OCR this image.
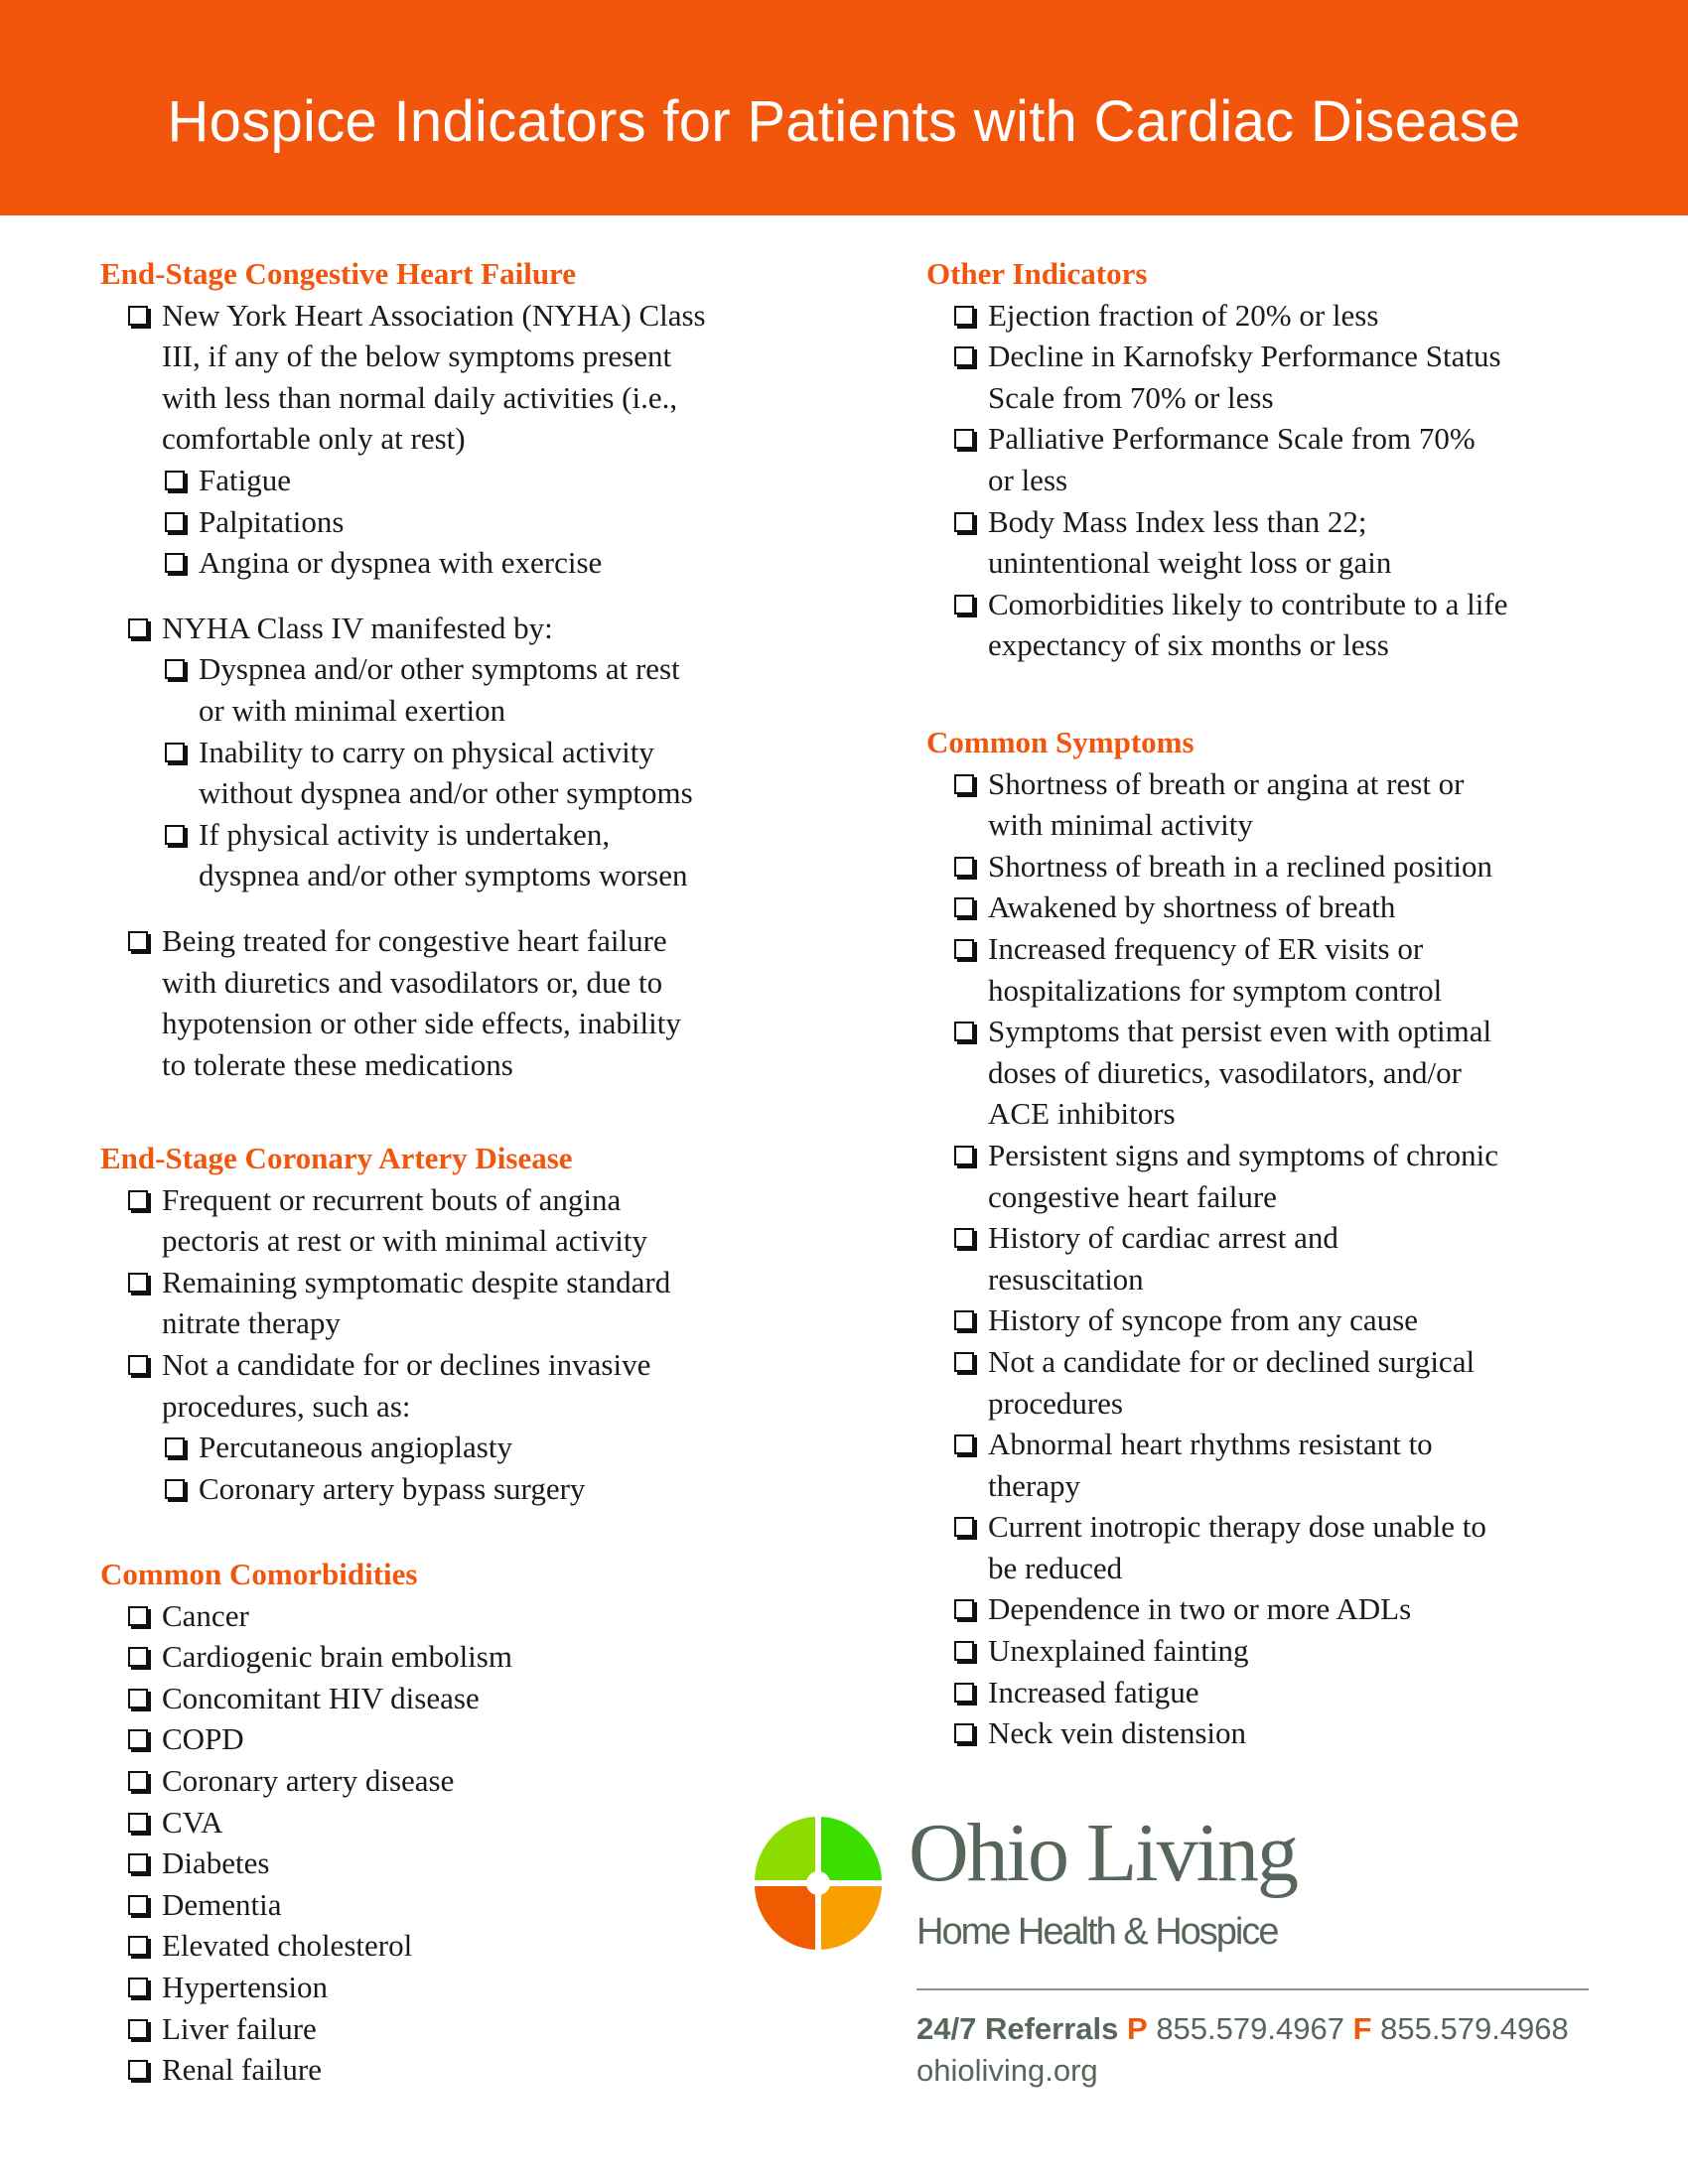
Hospice Indicators for Patients with Cardiac Disease
End-Stage Congestive Heart Failure
New York Heart Association (NYHA) Class
III, if any of the below symptoms present
with less than normal daily activities (i.e.,
comfortable only at rest)
Fatigue
Palpitations
Angina or dyspnea with exercise
NYHA Class IV manifested by:
Dyspnea and/or other symptoms at rest
or with minimal exertion
Inability to carry on physical activity
without dyspnea and/or other symptoms
If physical activity is undertaken,
dyspnea and/or other symptoms worsen
Being treated for congestive heart failure
with diuretics and vasodilators or, due to
hypotension or other side effects, inability
to tolerate these medications
End-Stage Coronary Artery Disease
Frequent or recurrent bouts of angina
pectoris at rest or with minimal activity
Remaining symptomatic despite standard
nitrate therapy
Not a candidate for or declines invasive
procedures, such as:
Percutaneous angioplasty
Coronary artery bypass surgery
Common Comorbidities
Cancer
Cardiogenic brain embolism
Concomitant HIV disease
COPD
Coronary artery disease
CVA
Diabetes
Dementia
Elevated cholesterol
Hypertension
Liver failure
Renal failure
Other Indicators
Ejection fraction of 20% or less
Decline in Karnofsky Performance Status
Scale from 70% or less
Palliative Performance Scale from 70%
or less
Body Mass Index less than 22;
unintentional weight loss or gain
Comorbidities likely to contribute to a life
expectancy of six months or less
Common Symptoms
Shortness of breath or angina at rest or
with minimal activity
Shortness of breath in a reclined position
Awakened by shortness of breath
Increased frequency of ER visits or
hospitalizations for symptom control
Symptoms that persist even with optimal
doses of diuretics, vasodilators, and/or
ACE inhibitors
Persistent signs and symptoms of chronic
congestive heart failure
History of cardiac arrest and
resuscitation
History of syncope from any cause
Not a candidate for or declined surgical
procedures
Abnormal heart rhythms resistant to
therapy
Current inotropic therapy dose unable to
be reduced
Dependence in two or more ADLs
Unexplained fainting
Increased fatigue
Neck vein distension
Ohio Living
Home Health & Hospice
24/7 Referrals P 855.579.4967 F 855.579.4968
ohioliving.org
